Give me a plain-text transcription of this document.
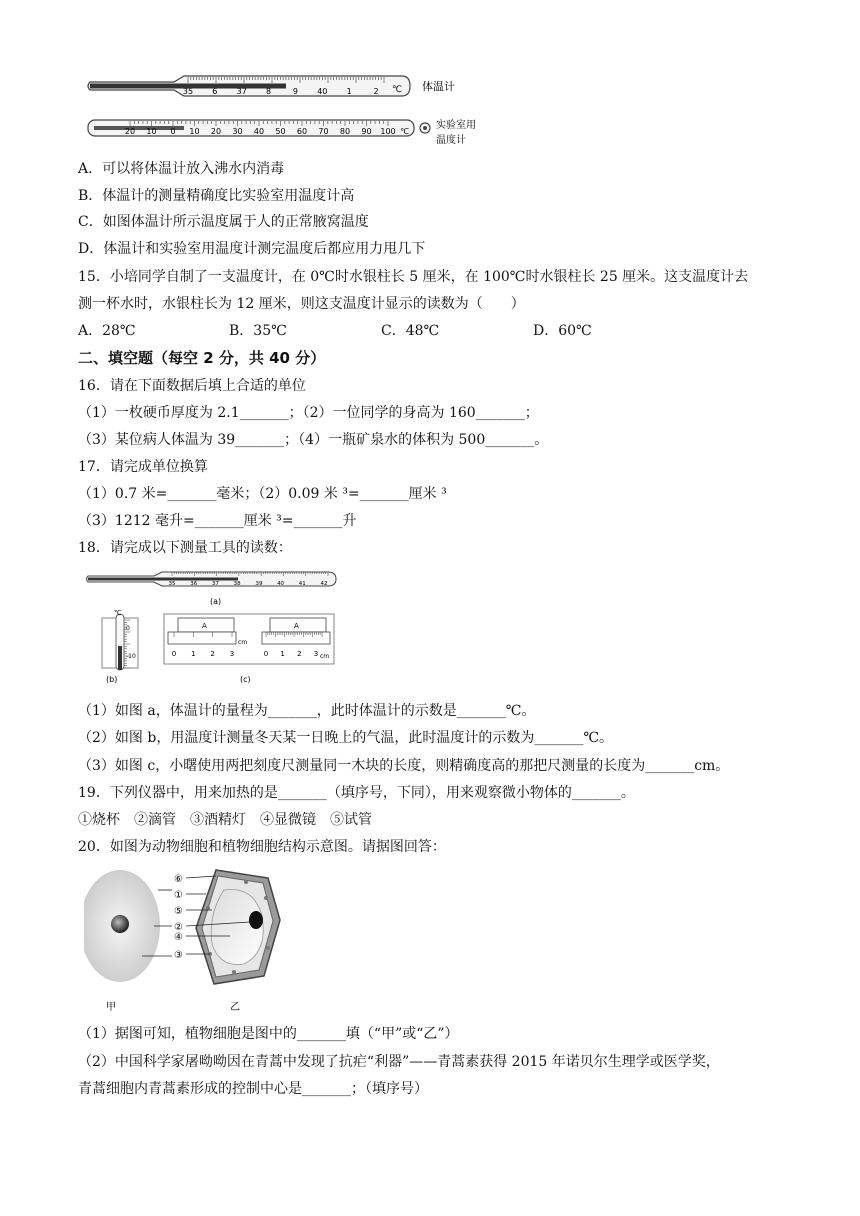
35 6 37 8	9 40 1	2 ℃ 体温计
20 10 0 10 20 30 40 50 60 70 80 90 100 ℃
实验室用
温度计
A．可以将体温计放入沸水内消毒
B．体温计的测量精确度比实验室用温度计高
C．如图体温计所示温度属于人的正常腋窝温度
D．体温计和实验室用温度计测完温度后都应用力甩几下
15．小培同学自制了一支温度计，在 0℃时水银柱长 5 厘米，在 100℃时水银柱长 25 厘米。这支温度计去
测一杯水时，水银柱长为 12 厘米，则这支温度计显示的读数为（　　）
A．28℃	B．35℃	C．48℃	D．60℃
二、填空题（每空 2 分，共 40 分）
16．请在下面数据后填上合适的单位
（1）一枚硬币厚度为 2.1_______；（2）一位同学的身高为 160_______；
（3）某位病人体温为 39_______；（4）一瓶矿泉水的体积为 500_______。
17．请完成单位换算
（1）0.7 米=_______毫米；（2）0.09 米 ³=_______厘米 ³
（3）1212 毫升=_______厘米 ³=_______升
18．请完成以下测量工具的读数：
35	36	37	38	39	40	41	42
(a)
℃
0
-10
(b)
A
0 1 2 3
cm
A
0 1 2 3 cm
(c)
（1）如图 a，体温计的量程为_______，此时体温计的示数是_______℃。
（2）如图 b，用温度计测量冬天某一日晚上的气温，此时温度计的示数为_______℃。
（3）如图 c，小曙使用两把刻度尺测量同一木块的长度，则精确度高的那把尺测量的长度为_______cm。
19．下列仪器中，用来加热的是_______（填序号，下同），用来观察微小物体的_______。
①烧杯　②滴管　③酒精灯　④显微镜　⑤试管
20．如图为动物细胞和植物细胞结构示意图。请据图回答：
⑥
①
⑤
②
④
③
甲	乙
（1）据图可知，植物细胞是图中的_______填（“甲”或“乙”）
（2）中国科学家屠呦呦因在青蒿中发现了抗疟“利器”——青蒿素获得 2015 年诺贝尔生理学或医学奖，
青蒿细胞内青蒿素形成的控制中心是_______；（填序号）
